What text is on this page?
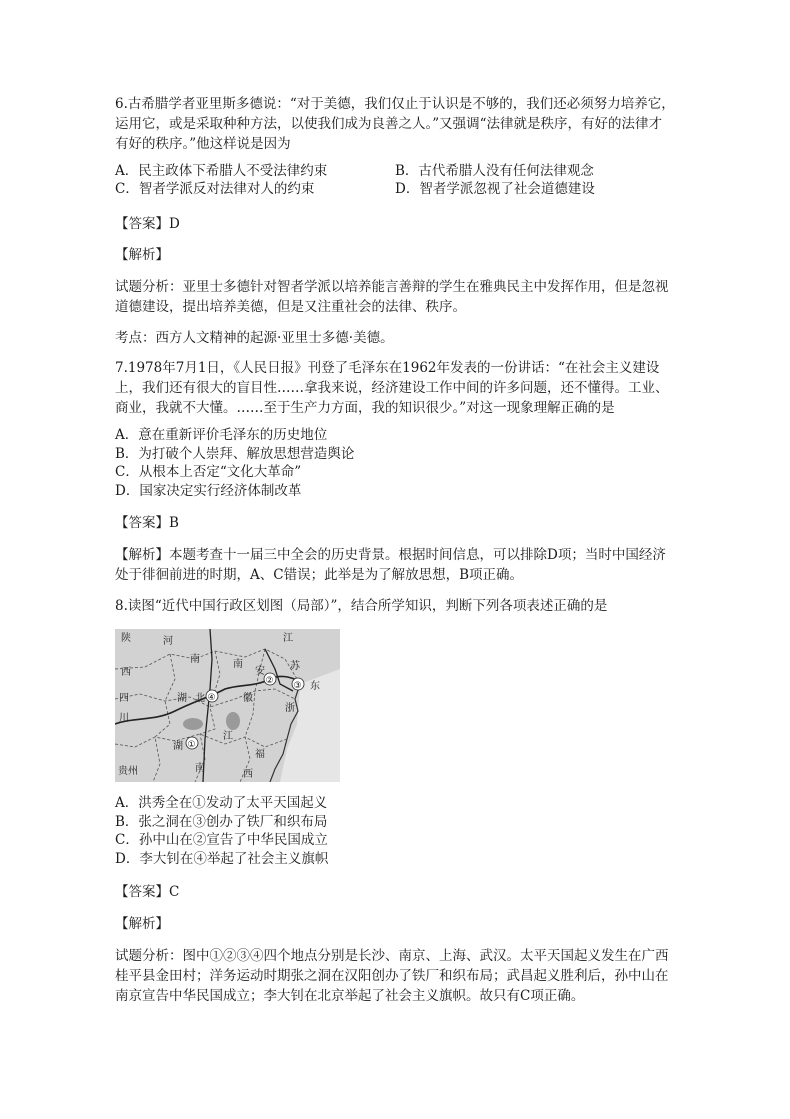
6.古希腊学者亚里斯多德说：“对于美德，我们仅止于认识是不够的，我们还必须努力培养它，运用它，或是采取种种方法，以使我们成为良善之人。”又强调“法律就是秩序，有好的法律才有好的秩序。”他这样说是因为

A．民主政体下希腊人不受法律约束	B．古代希腊人没有任何法律观念
C．智者学派反对法律对人的约束	D．智者学派忽视了社会道德建设

【答案】D

【解析】

试题分析：亚里士多德针对智者学派以培养能言善辩的学生在雅典民主中发挥作用，但是忽视道德建设，提出培养美德，但是又注重社会的法律、秩序。

考点：西方人文精神的起源·亚里士多德·美德。

7.1978年7月1日，《人民日报》刊登了毛泽东在1962年发表的一份讲话：“在社会主义建设上，我们还有很大的盲目性……拿我来说，经济建设工作中间的许多问题，还不懂得。工业、商业，我就不大懂。……至于生产力方面，我的知识很少。”对这一现象理解正确的是

A．意在重新评价毛泽东的历史地位
B．为打破个人崇拜、解放思想营造舆论
C．从根本上否定“文化大革命”
D．国家决定实行经济体制改革

【答案】B

【解析】本题考查十一届三中全会的历史背景。根据时间信息，可以排除D项；当时中国经济处于徘徊前进的时期，A、C错误；此举是为了解放思想，B项正确。

8.读图“近代中国行政区划图（局部）”，结合所学知识，判断下列各项表述正确的是

陕	河
南
江
苏
西	安
四	湖 北
川
湖
江
浙
东
南
福
西
贵州
南
徽
①
② ③
④
A．洪秀全在①发动了太平天国起义
B．张之洞在③创办了铁厂和织布局
C．孙中山在②宣告了中华民国成立
D．李大钊在④举起了社会主义旗帜

【答案】C

【解析】

试题分析：图中①②③④四个地点分别是长沙、南京、上海、武汉。太平天国起义发生在广西桂平县金田村；洋务运动时期张之洞在汉阳创办了铁厂和织布局；武昌起义胜利后，孙中山在南京宣告中华民国成立；李大钊在北京举起了社会主义旗帜。故只有C项正确。
